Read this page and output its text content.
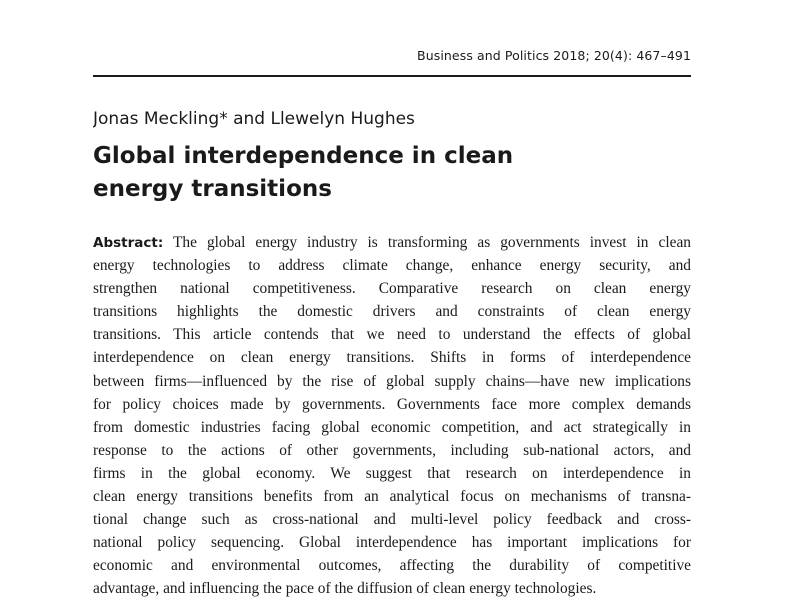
Business and Politics 2018; 20(4): 467–491
Jonas Meckling* and Llewelyn Hughes
Global interdependence in clean
energy transitions
Abstract: The global energy industry is transforming as governments invest in clean
energy technologies to address climate change, enhance energy security, and
strengthen national competitiveness. Comparative research on clean energy
transitions highlights the domestic drivers and constraints of clean energy
transitions. This article contends that we need to understand the effects of global
interdependence on clean energy transitions. Shifts in forms of interdependence
between firms—influenced by the rise of global supply chains—have new implications
for policy choices made by governments. Governments face more complex demands
from domestic industries facing global economic competition, and act strategically in
response to the actions of other governments, including sub-national actors, and
firms in the global economy. We suggest that research on interdependence in
clean energy transitions benefits from an analytical focus on mechanisms of transna-
tional change such as cross-national and multi-level policy feedback and cross-
national policy sequencing. Global interdependence has important implications for
economic and environmental outcomes, affecting the durability of competitive
advantage, and influencing the pace of the diffusion of clean energy technologies.
